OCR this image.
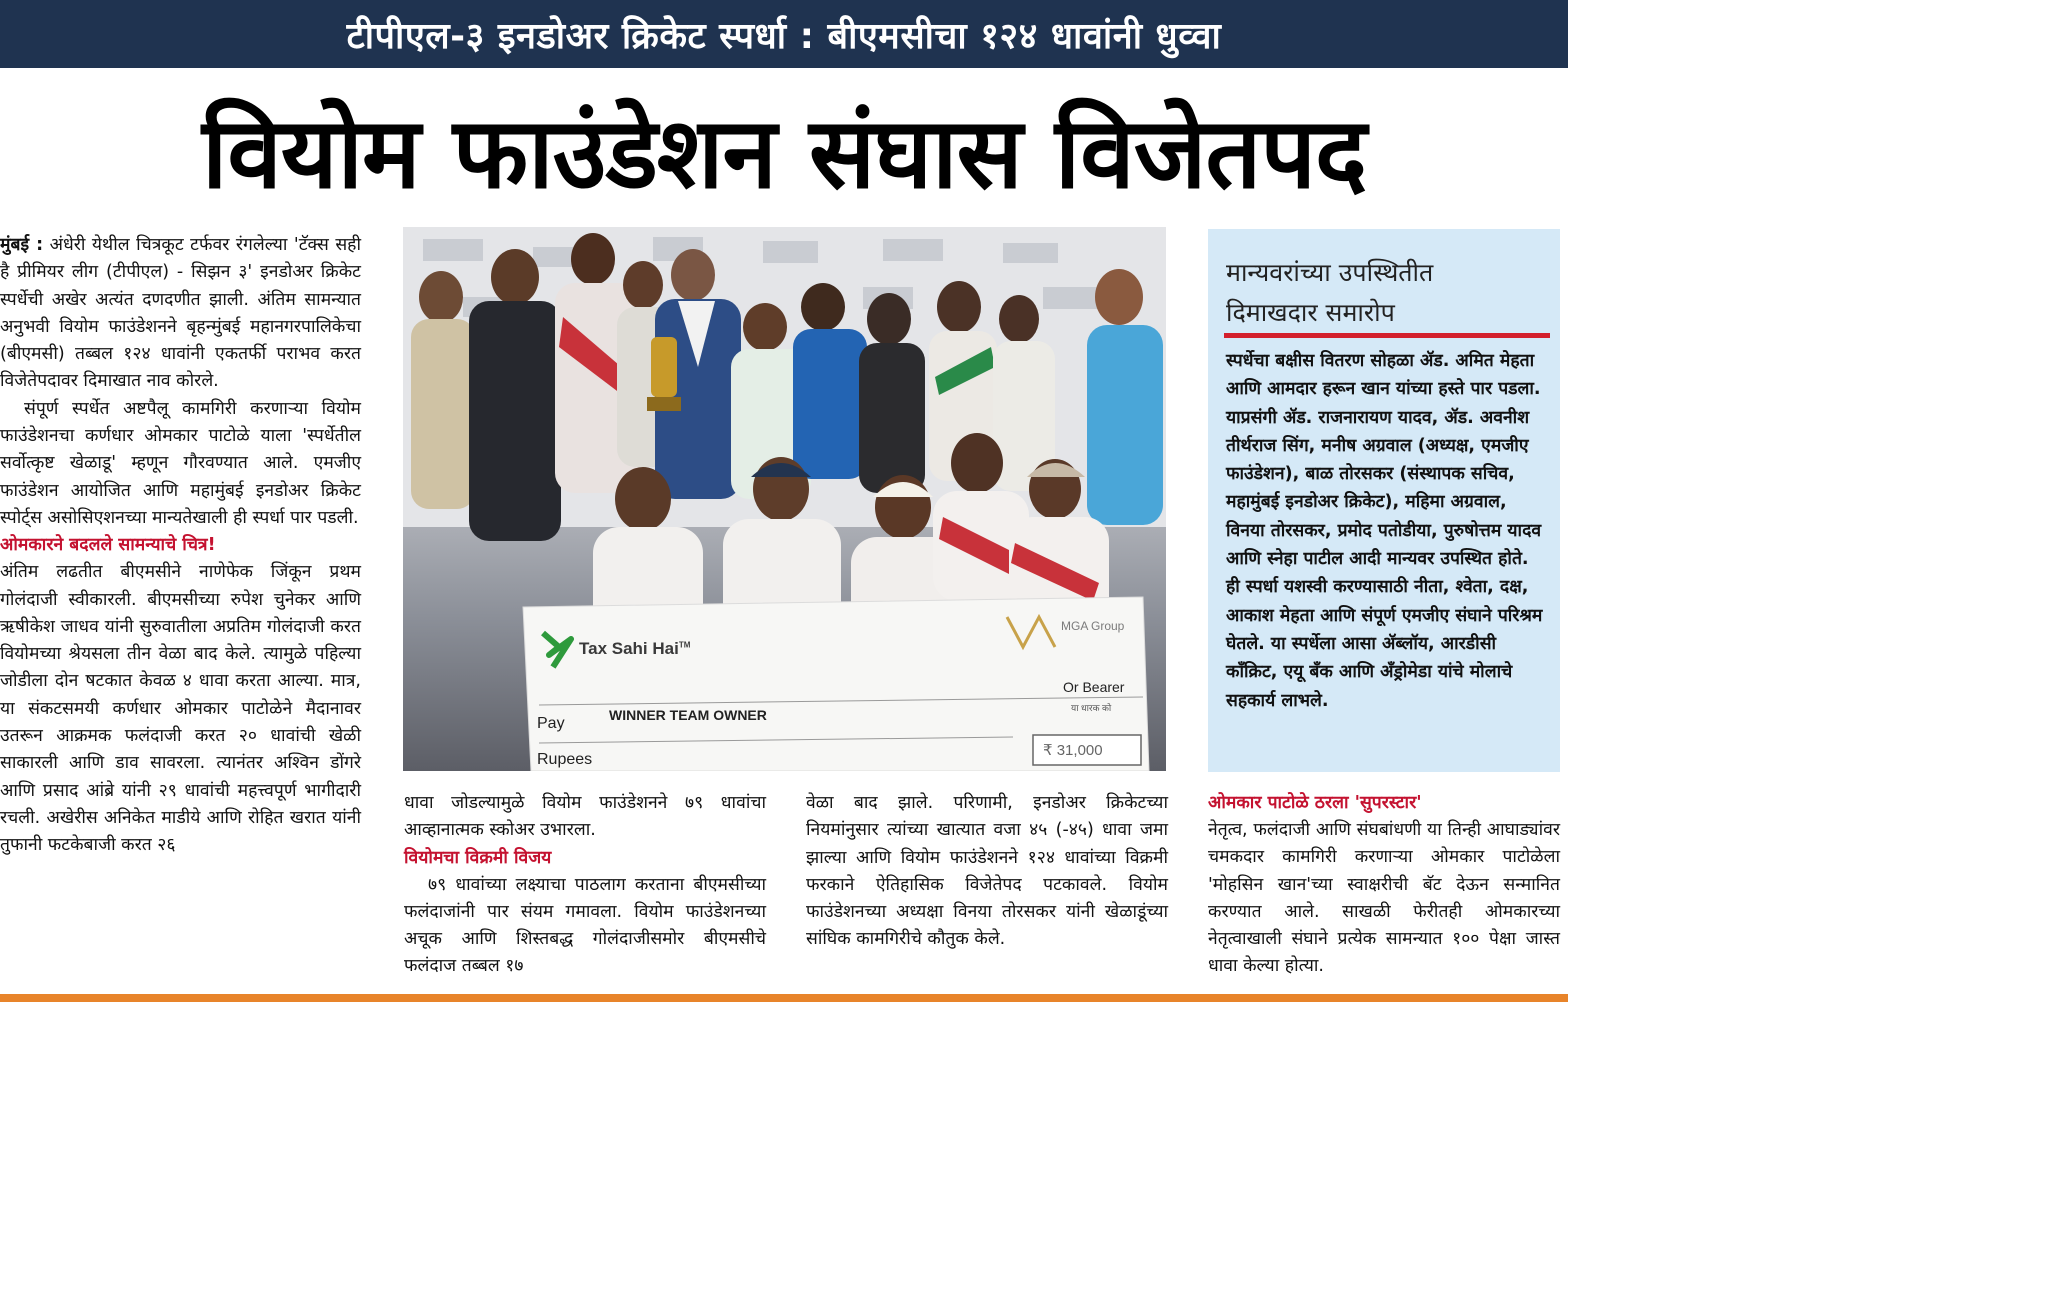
टीपीएल-३ इनडोअर क्रिकेट स्पर्धा : बीएमसीचा १२४ धावांनी धुव्वा
वियोम फाउंडेशन संघास विजेतपद

मुंबई : अंधेरी येथील चित्रकूट टर्फवर रंगलेल्या 'टॅक्स सही है प्रीमियर लीग (टीपीएल) - सिझन ३' इनडोअर क्रिकेट स्पर्धेची अखेर अत्यंत दणदणीत झाली. अंतिम सामन्यात अनुभवी वियोम फाउंडेशनने बृहन्मुंबई महानगरपालिकेचा (बीएमसी) तब्बल १२४ धावांनी एकतर्फी पराभव करत विजेतेपदावर दिमाखात नाव कोरले.

संपूर्ण स्पर्धेत अष्टपैलू कामगिरी करणाऱ्या वियोम फाउंडेशनचा कर्णधार ओमकार पाटोळे याला 'स्पर्धेतील सर्वोत्कृष्ट खेळाडू' म्हणून गौरवण्यात आले. एमजीए फाउंडेशन आयोजित आणि महामुंबई इनडोअर क्रिकेट स्पोर्ट्स असोसिएशनच्या मान्यतेखाली ही स्पर्धा पार पडली.

ओमकारने बदलले सामन्याचे चित्र!

अंतिम लढतीत बीएमसीने नाणेफेक जिंकून प्रथम गोलंदाजी स्वीकारली. बीएमसीच्या रुपेश चुनेकर आणि ऋषीकेश जाधव यांनी सुरुवातीला अप्रतिम गोलंदाजी करत वियोमच्या श्रेयसला तीन वेळा बाद केले. त्यामुळे पहिल्या जोडीला दोन षटकात केवळ ४ धावा करता आल्या. मात्र, या संकटसमयी कर्णधार ओमकार पाटोळेने मैदानावर उतरून आक्रमक फलंदाजी करत २० धावांची खेळी साकारली आणि डाव सावरला. त्यानंतर अश्विन डोंगरे आणि प्रसाद आंब्रे यांनी २९ धावांची महत्त्वपूर्ण भागीदारी रचली. अखेरीस अनिकेत माडीये आणि रोहित खरात यांनी तुफानी फटकेबाजी करत २६

Tax Sahi Hai™
MGA Group
Or Bearer
या धारक को
Pay	WINNER TEAM OWNER
Rupees
₹ 31,000
मान्यवरांच्या उपस्थितीत
दिमाखदार समारोप
स्पर्धेचा बक्षीस वितरण सोहळा ॲड. अमित मेहता आणि आमदार हरून खान यांच्या हस्ते पार पडला. याप्रसंगी ॲड. राजनारायण यादव, ॲड. अवनीश तीर्थराज सिंग, मनीष अग्रवाल (अध्यक्ष, एमजीए फाउंडेशन), बाळ तोरसकर (संस्थापक सचिव, महामुंबई इनडोअर क्रिकेट), महिमा अग्रवाल, विनया तोरसकर, प्रमोद पतोडीया, पुरुषोत्तम यादव आणि स्नेहा पाटील आदी मान्यवर उपस्थित होते. ही स्पर्धा यशस्वी करण्यासाठी नीता, श्वेता, दक्ष, आकाश मेहता आणि संपूर्ण एमजीए संघाने परिश्रम घेतले. या स्पर्धेला आसा ॲब्लॉय, आरडीसी कॉंक्रिट, एयू बँक आणि ॲंड्रोमेडा यांचे मोलाचे सहकार्य लाभले.

धावा जोडल्यामुळे वियोम फाउंडेशनने ७९ धावांचा आव्हानात्मक स्कोअर उभारला.

वियोमचा विक्रमी विजय

७९ धावांच्या लक्ष्याचा पाठलाग करताना बीएमसीच्या फलंदाजांनी पार संयम गमावला. वियोम फाउंडेशनच्या अचूक आणि शिस्तबद्ध गोलंदाजीसमोर बीएमसीचे फलंदाज तब्बल १७

वेळा बाद झाले. परिणामी, इनडोअर क्रिकेटच्या नियमांनुसार त्यांच्या खात्यात वजा ४५ (-४५) धावा जमा झाल्या आणि वियोम फाउंडेशनने १२४ धावांच्या विक्रमी फरकाने ऐतिहासिक विजेतेपद पटकावले. वियोम फाउंडेशनच्या अध्यक्षा विनया तोरसकर यांनी खेळाडूंच्या सांघिक कामगिरीचे कौतुक केले.

ओमकार पाटोळे ठरला 'सुपरस्टार'

नेतृत्व, फलंदाजी आणि संघबांधणी या तिन्ही आघाड्यांवर चमकदार कामगिरी करणाऱ्या ओमकार पाटोळेला 'मोहसिन खान'च्या स्वाक्षरीची बॅट देऊन सन्मानित करण्यात आले. साखळी फेरीतही ओमकारच्या नेतृत्वाखाली संघाने प्रत्येक सामन्यात १०० पेक्षा जास्त धावा केल्या होत्या.
